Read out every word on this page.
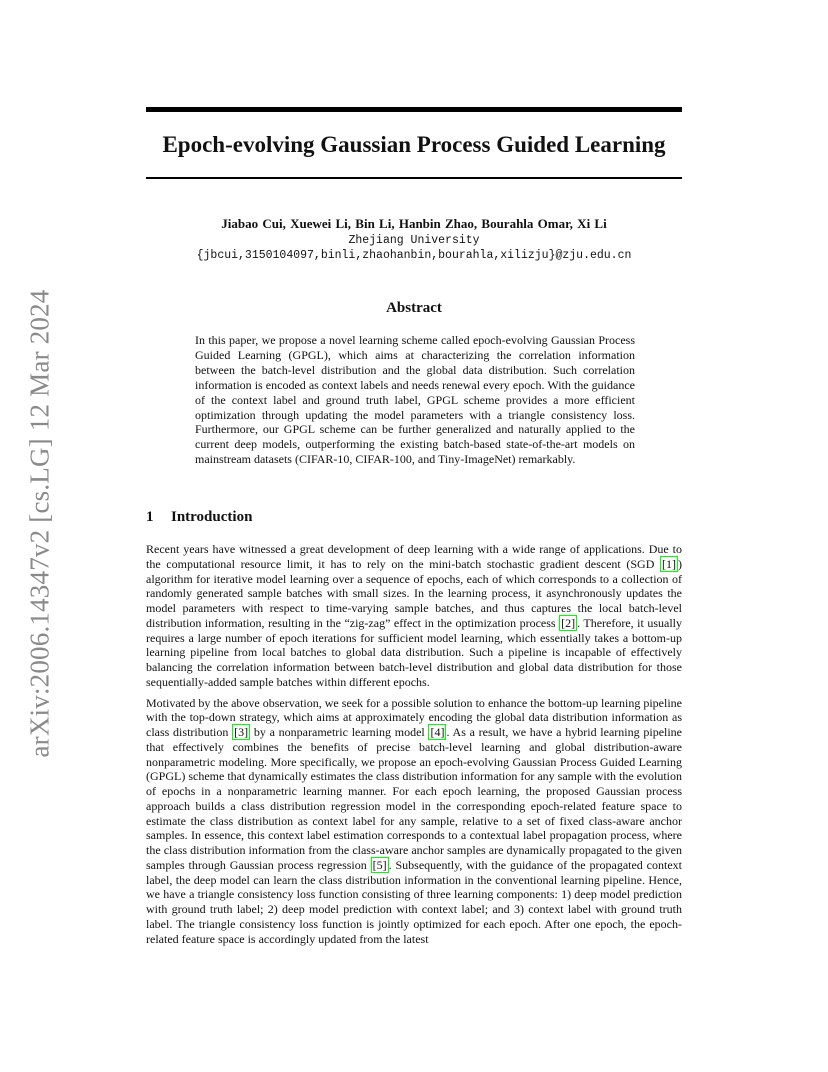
arXiv:2006.14347v2 [cs.LG] 12 Mar 2024
Epoch-evolving Gaussian Process Guided Learning
Jiabao Cui, Xuewei Li, Bin Li, Hanbin Zhao, Bourahla Omar, Xi Li
Zhejiang University
{jbcui,3150104097,binli,zhaohanbin,bourahla,xilizju}@zju.edu.cn
Abstract

In this paper, we propose a novel learning scheme called epoch-evolving Gaussian Process Guided Learning (GPGL), which aims at characterizing the correlation information between the batch-level distribution and the global data distribution. Such correlation information is encoded as context labels and needs renewal every epoch. With the guidance of the context label and ground truth label, GPGL scheme provides a more efficient optimization through updating the model parameters with a triangle consistency loss. Furthermore, our GPGL scheme can be further generalized and naturally applied to the current deep models, outperforming the existing batch-based state-of-the-art models on mainstream datasets (CIFAR-10, CIFAR-100, and Tiny-ImageNet) remarkably.

1 Introduction

Recent years have witnessed a great development of deep learning with a wide range of applications. Due to the computational resource limit, it has to rely on the mini-batch stochastic gradient descent (SGD [1] ) algorithm for iterative model learning over a sequence of epochs, each of which corresponds to a collection of randomly generated sample batches with small sizes. In the learning process, it asynchronously updates the model parameters with respect to time-varying sample batches, and thus captures the local batch-level distribution information, resulting in the “zig-zag” effect in the optimization process [2] . Therefore, it usually requires a large number of epoch iterations for sufficient model learning, which essentially takes a bottom-up learning pipeline from local batches to global data distribution. Such a pipeline is incapable of effectively balancing the correlation information between batch-level distribution and global data distribution for those sequentially-added sample batches within different epochs.

Motivated by the above observation, we seek for a possible solution to enhance the bottom-up learning pipeline with the top-down strategy, which aims at approximately encoding the global data distribution information as class distribution [3] by a nonparametric learning model [4] . As a result, we have a hybrid learning pipeline that effectively combines the benefits of precise batch-level learning and global distribution-aware nonparametric modeling. More specifically, we propose an epoch-evolving Gaussian Process Guided Learning (GPGL) scheme that dynamically estimates the class distribution information for any sample with the evolution of epochs in a nonparametric learning manner. For each epoch learning, the proposed Gaussian process approach builds a class distribution regression model in the corresponding epoch-related feature space to estimate the class distribution as context label for any sample, relative to a set of fixed class-aware anchor samples. In essence, this context label estimation corresponds to a contextual label propagation process, where the class distribution information from the class-aware anchor samples are dynamically propagated to the given samples through Gaussian process regression [5] . Subsequently, with the guidance of the propagated context label, the deep model can learn the class distribution information in the conventional learning pipeline. Hence, we have a triangle consistency loss function consisting of three learning components: 1) deep model prediction with ground truth label; 2) deep model prediction with context label; and 3) context label with ground truth label. The triangle consistency loss function is jointly optimized for each epoch. After one epoch, the epoch-related feature space is accordingly updated from the latest
